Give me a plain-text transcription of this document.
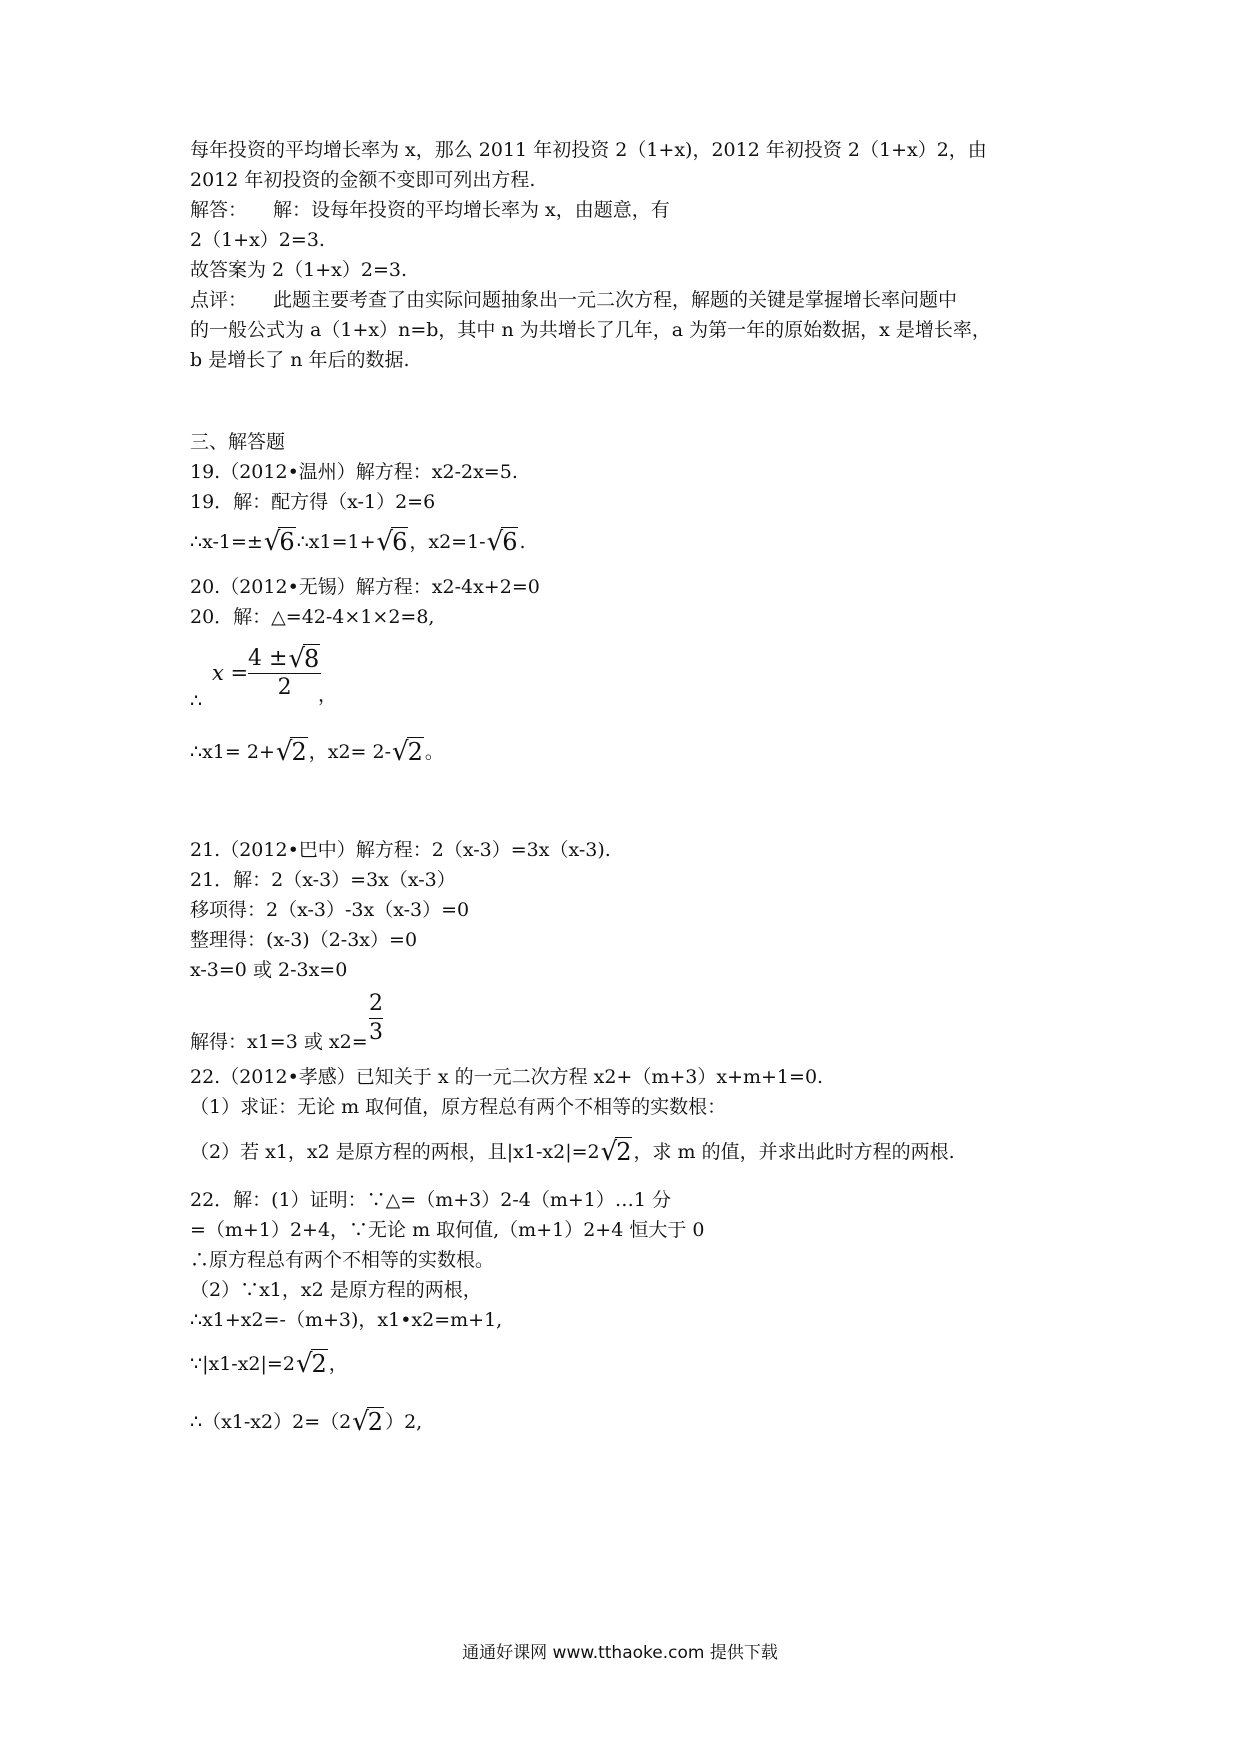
每年投资的平均增长率为 x，那么 2011 年初投资 2（1+x)，2012 年初投资 2（1+x）2，由
2012 年初投资的金额不变即可列出方程.
解答： 解：设每年投资的平均增长率为 x，由题意，有
2（1+x）2=3.
故答案为 2（1+x）2=3.
点评： 此题主要考查了由实际问题抽象出一元二次方程，解题的关键是掌握增长率问题中
的一般公式为 a（1+x）n=b，其中 n 为共增长了几年，a 为第一年的原始数据，x 是增长率，
b 是增长了 n 年后的数据.
三、解答题
19.（2012•温州）解方程：x2-2x=5.
19．解：配方得（x-1）2=6
∴x-1=±√6 ∴x1=1+√6 ，x2=1-√6 .
20.（2012•无锡）解方程：x2-4x+2=0
20．解：△=42-4×1×2=8,
∴
x =
4 ±√8
2	，
∴x1= 2+√2 ，x2= 2-√2 。
21.（2012•巴中）解方程：2（x-3）=3x（x-3).
21．解：2（x-3）=3x（x-3）
移项得：2（x-3）-3x（x-3）=0
整理得：(x-3)（2-3x）=0
x-3=0 或 2-3x=0
解得：x1=3 或 x2=
2
3
22.（2012•孝感）已知关于 x 的一元二次方程 x2+（m+3）x+m+1=0.
（1）求证：无论 m 取何值，原方程总有两个不相等的实数根：
（2）若 x1，x2 是原方程的两根，且|x1-x2|=2√2 ，求 m 的值，并求出此时方程的两根.
22．解：(1）证明：∵△=（m+3）2-4（m+1）…1 分
=（m+1）2+4，∵无论 m 取何值,（m+1）2+4 恒大于 0
∴原方程总有两个不相等的实数根。
（2）∵x1，x2 是原方程的两根，
∴x1+x2=-（m+3)，x1•x2=m+1,
∵|x1-x2|=2√2 ，
∴（x1-x2）2=（2√2 ）2,
通通好课网 www.tthaoke.com 提供下载
